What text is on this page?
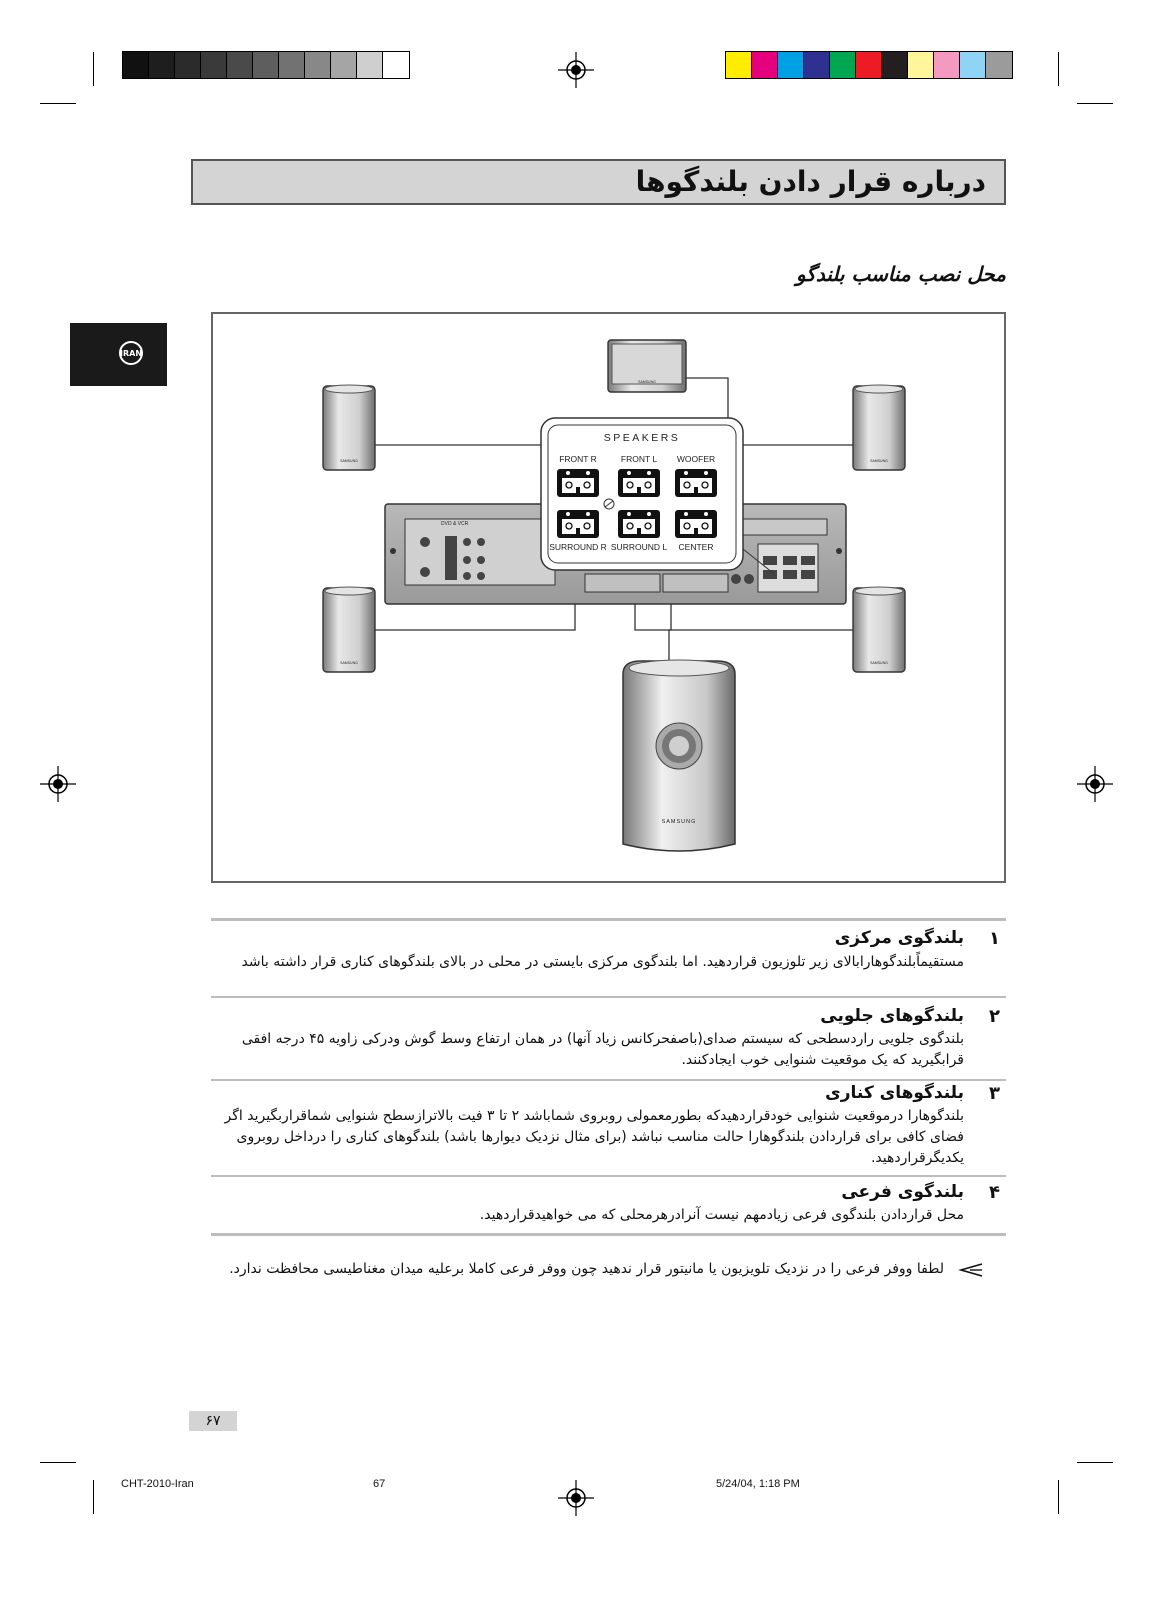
دربارە قرار دادن بلندگوها
محل نصب مناسب بلندگو
IRAN
DVD & VCR
SPEAKERS
FRONT R	FRONT L WOOFER
SURROUND R SURROUND L CENTER
SAMSUNG
SAMSUNG	SAMSUNG
SAMSUNG	SAMSUNG
SAMSUNG
۱
بلندگوی مرکزی
مستقیماًبلندگوهارابالای زیر تلوزیون قراردهید. اما بلندگوی مرکزی بایستی در محلی در بالای بلندگوهای کناری قرار داشته باشد
۲
بلندگوهای جلویی
بلندگوی جلویی راردسطحی که سیستم صدای(باصفحرکانس زیاد آنها) در همان ارتفاع وسط گوش ودرکی زاویه ۴۵ درجه افقی قرابگیرید که یک موقعیت شنوایی خوب ایجادکنند.
۳
بلندگوهای کناری
بلندگوهارا درموقعیت شنوایی خودقراردهیدکه بطورمعمولی روبروی شماباشد ۲ تا ۳ فیت بالاترازسطح شنوایی شماقراربگیرید اگر فضای کافی برای قراردادن بلندگوهارا حالت مناسب نباشد (برای مثال نزدیک دیوارها باشد) بلندگوهای کناری را درداخل روبروی یکدیگرقراردهید.
۴
بلندگوی فرعی
محل قراردادن بلندگوی فرعی زیادمهم نیست آنرادرهرمحلی که می خواهیدقراردهید.
لطفا ووفر فرعی را در نزدیک تلویزیون یا مانیتور قرار ندهید چون ووفر فرعی کاملا برعلیه میدان مغناطیسی محافظت ندارد.
۶۷
CHT-2010-Iran	67	5/24/04, 1:18 PM
